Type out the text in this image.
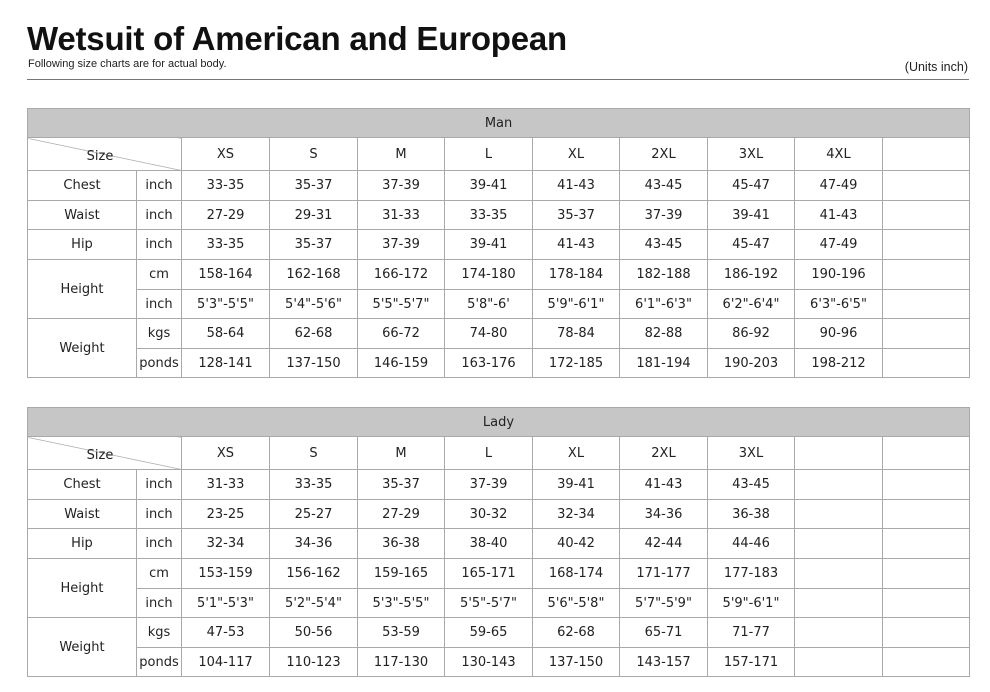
Wetsuit of American and European
Following size charts are for actual body.	(Units inch)
Man										

Size		XS	S	M	L	XL	2XL	3XL	4XL	
Chest	inch	33-35	35-37	37-39	39-41	41-43	43-45	45-47	47-49	
Waist	inch	27-29	29-31	31-33	33-35	35-37	37-39	39-41	41-43	
Hip	inch	33-35	35-37	37-39	39-41	41-43	43-45	45-47	47-49	
Height	cm	158-164	162-168	166-172	174-180	178-184	182-188	186-192	190-196	
	inch	5'3"-5'5"	5'4"-5'6"	5'5"-5'7"	5'8"-6'	5'9"-6'1"	6'1"-6'3"	6'2"-6'4"	6'3"-6'5"	
Weight	kgs	58-64	62-68	66-72	74-80	78-84	82-88	86-92	90-96	
	ponds	128-141	137-150	146-159	163-176	172-185	181-194	190-203	198-212	
Lady										

Size		XS	S	M	L	XL	2XL	3XL		
Chest	inch	31-33	33-35	35-37	37-39	39-41	41-43	43-45		
Waist	inch	23-25	25-27	27-29	30-32	32-34	34-36	36-38		
Hip	inch	32-34	34-36	36-38	38-40	40-42	42-44	44-46		
Height	cm	153-159	156-162	159-165	165-171	168-174	171-177	177-183		
	inch	5'1"-5'3"	5'2"-5'4"	5'3"-5'5"	5'5"-5'7"	5'6"-5'8"	5'7"-5'9"	5'9"-6'1"		
Weight	kgs	47-53	50-56	53-59	59-65	62-68	65-71	71-77		
	ponds	104-117	110-123	117-130	130-143	137-150	143-157	157-171		
